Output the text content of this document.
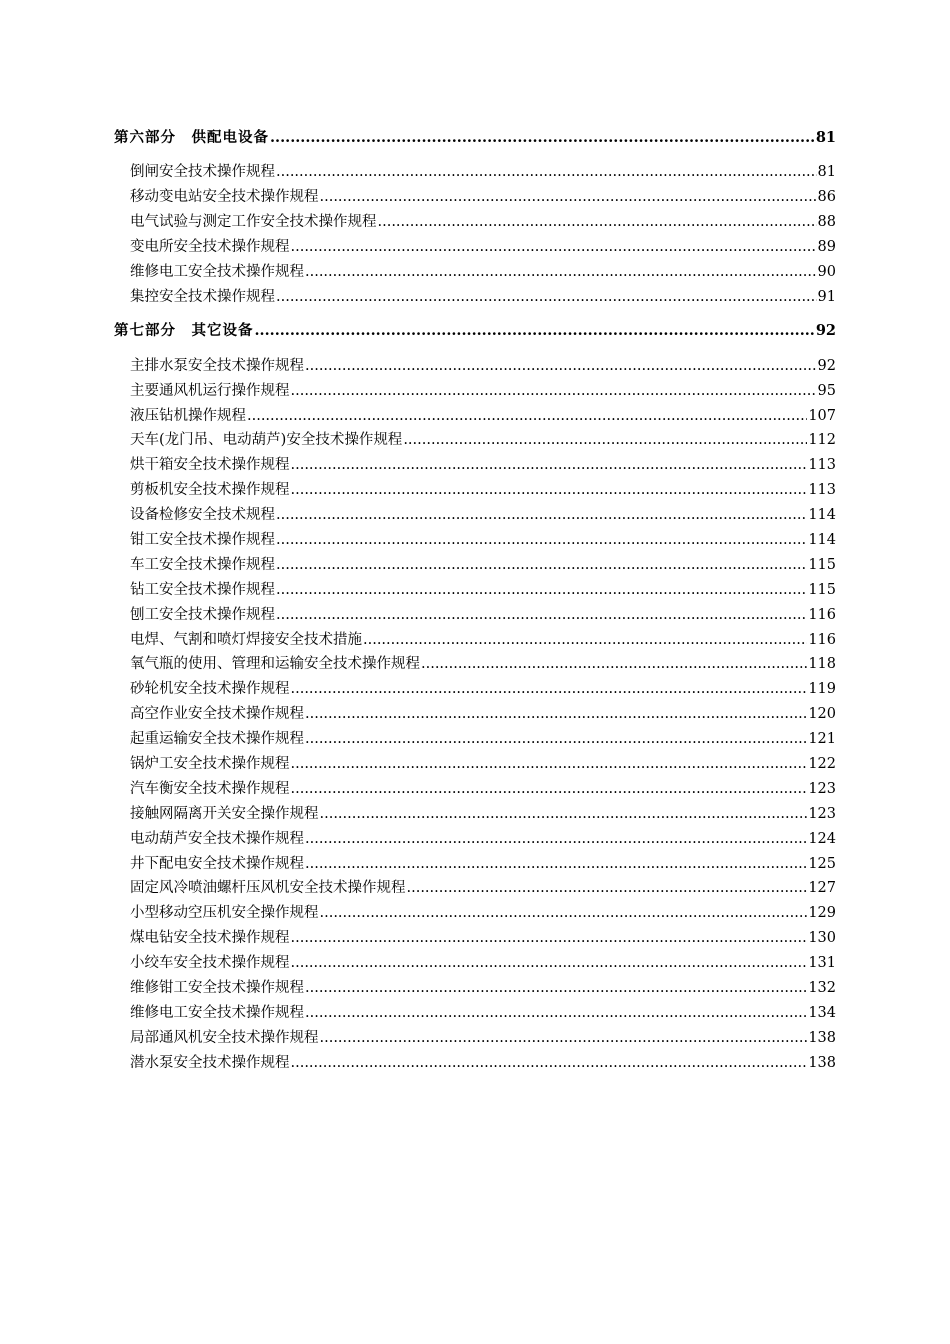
第六部分　供配电设备 .....	81
倒闸安全技术操作规程 .....	81
移动变电站安全技术操作规程 .....	86
电气试验与测定工作安全技术操作规程 .....	88
变电所安全技术操作规程 .....	89
维修电工安全技术操作规程 .....	90
集控安全技术操作规程 .....	91
第七部分　其它设备 .....	92
主排水泵安全技术操作规程 .....	92
主要通风机运行操作规程 .....	95
液压钻机操作规程 .....	107
天车(龙门吊、电动葫芦)安全技术操作规程 .....	112
烘干箱安全技术操作规程 .....	113
剪板机安全技术操作规程 .....	113
设备检修安全技术规程 .....	114
钳工安全技术操作规程 .....	114
车工安全技术操作规程 .....	115
钻工安全技术操作规程 .....	115
刨工安全技术操作规程 .....	116
电焊、气割和喷灯焊接安全技术措施 .....	116
氧气瓶的使用、管理和运输安全技术操作规程 .....	118
砂轮机安全技术操作规程 .....	119
高空作业安全技术操作规程 .....	120
起重运输安全技术操作规程 .....	121
锅炉工安全技术操作规程 .....	122
汽车衡安全技术操作规程 .....	123
接触网隔离开关安全操作规程 .....	123
电动葫芦安全技术操作规程 .....	124
井下配电安全技术操作规程 .....	125
固定风冷喷油螺杆压风机安全技术操作规程 .....	127
小型移动空压机安全操作规程 .....	129
煤电钻安全技术操作规程 .....	130
小绞车安全技术操作规程 .....	131
维修钳工安全技术操作规程 .....	132
维修电工安全技术操作规程 .....	134
局部通风机安全技术操作规程 .....	138
潜水泵安全技术操作规程 .....	138
